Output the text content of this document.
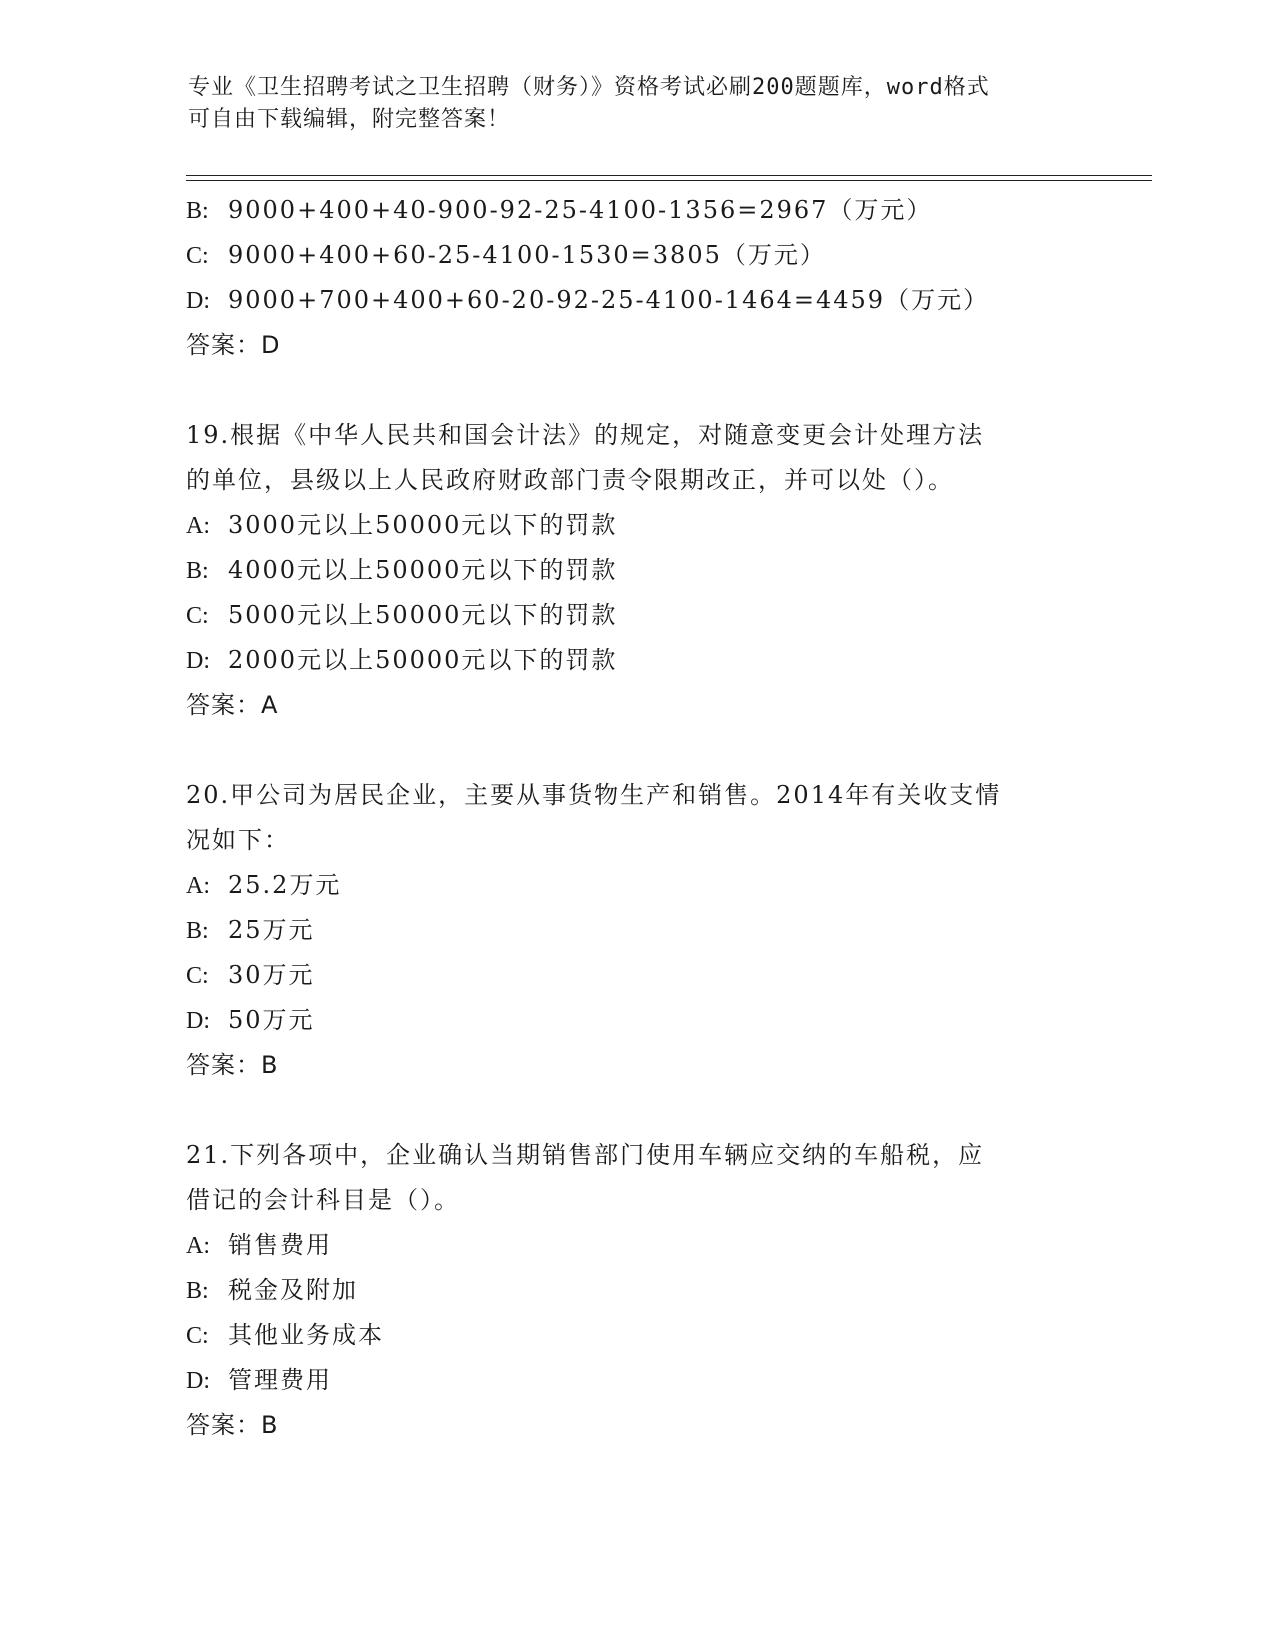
专业《卫生招聘考试之卫生招聘（财务）》资格考试必刷200题题库，word格式
可自由下载编辑，附完整答案！
B: 9000+400+40-900-92-25-4100-1356=2967（万元）
C: 9000+400+60-25-4100-1530=3805（万元）
D: 9000+700+400+60-20-92-25-4100-1464=4459（万元）
答案：D
19.根据《中华人民共和国会计法》的规定，对随意变更会计处理方法
的单位，县级以上人民政府财政部门责令限期改正，并可以处（）。
A: 3000元以上50000元以下的罚款
B: 4000元以上50000元以下的罚款
C: 5000元以上50000元以下的罚款
D: 2000元以上50000元以下的罚款
答案：A
20.甲公司为居民企业，主要从事货物生产和销售。2014年有关收支情
况如下：
A: 25.2万元
B: 25万元
C: 30万元
D: 50万元
答案：B
21.下列各项中，企业确认当期销售部门使用车辆应交纳的车船税，应
借记的会计科目是（）。
A: 销售费用
B: 税金及附加
C: 其他业务成本
D: 管理费用
答案：B
